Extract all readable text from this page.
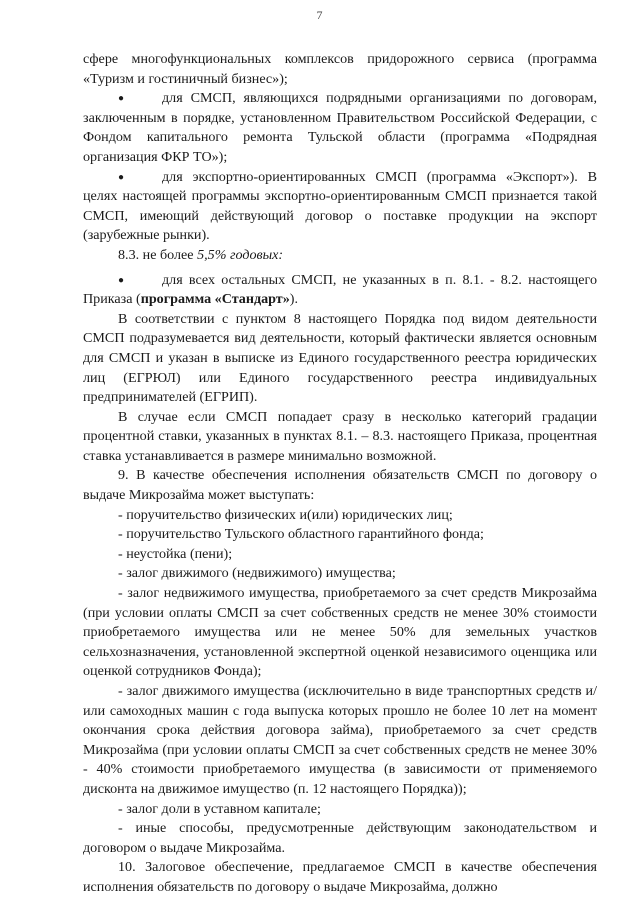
7

сфере многофункциональных комплексов придорожного сервиса (программа «Туризм и гостиничный бизнес»);

●	для СМСП, являющихся подрядными организациями по договорам, заключенным в порядке, установленном Правительством Российской Федерации, с Фондом капитального ремонта Тульской области (программа «Подрядная организация ФКР ТО»);

●	для экспортно-ориентированных СМСП (программа «Экспорт»). В целях настоящей программы экспортно-ориентированным СМСП признается такой СМСП, имеющий действующий договор о поставке продукции на экспорт (зарубежные рынки).

8.3. не более 5,5% годовых:

●	для всех остальных СМСП, не указанных в п. 8.1. - 8.2. настоящего Приказа (программа «Стандарт»).

В соответствии с пунктом 8 настоящего Порядка под видом деятельности СМСП подразумевается вид деятельности, который фактически является основным для СМСП и указан в выписке из Единого государственного реестра юридических лиц (ЕГРЮЛ) или Единого государственного реестра индивидуальных предпринимателей (ЕГРИП).

В случае если СМСП попадает сразу в несколько категорий градации процентной ставки, указанных в пунктах 8.1. – 8.3. настоящего Приказа, процентная ставка устанавливается в размере минимально возможной.

9. В качестве обеспечения исполнения обязательств СМСП по договору о выдаче Микрозайма может выступать:

- поручительство физических и(или) юридических лиц;

- поручительство Тульского областного гарантийного фонда;

- неустойка (пени);

- залог движимого (недвижимого) имущества;

- залог недвижимого имущества, приобретаемого за счет средств Микрозайма (при условии оплаты СМСП за счет собственных средств не менее 30% стоимости приобретаемого имущества или не менее 50% для земельных участков сельхозназначения, установленной экспертной оценкой независимого оценщика или оценкой сотрудников Фонда);

- залог движимого имущества (исключительно в виде транспортных средств и/или самоходных машин с года выпуска которых прошло не более 10 лет на момент окончания срока действия договора займа), приобретаемого за счет средств Микрозайма (при условии оплаты СМСП за счет собственных средств не менее 30% - 40% стоимости приобретаемого имущества (в зависимости от применяемого дисконта на движимое имущество (п. 12 настоящего Порядка));

- залог доли в уставном капитале;

- иные способы, предусмотренные действующим законодательством и договором о выдаче Микрозайма.

10. Залоговое обеспечение, предлагаемое СМСП в качестве обеспечения исполнения обязательств по договору о выдаче Микрозайма, должно
